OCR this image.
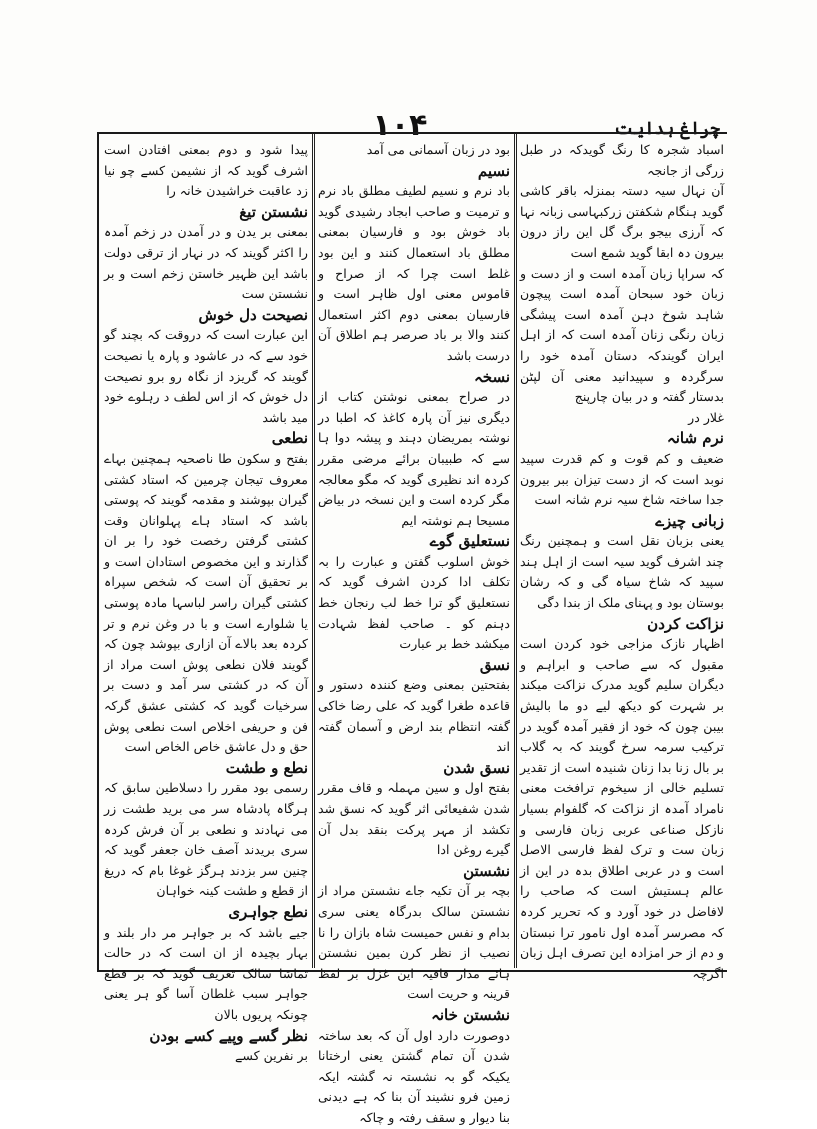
۱۰۴	چراغ ہدایت

اسباد شجرہ کا رنگ گویدکہ در طبل زرگی از جانجہ

آن نہال سیہ دستہ بمنزلہ باقر کاشی گوید ہنگام شکفتن زرکبہاسی زبانہ نہا کہ آرزی بیجو برگ گل این راز درون بیرون دہ ابقا گوید شمع است

کہ سراپا زبان آمدہ است و از دست و زبان خود سبحان آمدہ است پیچون شاہد شوخ دہن آمدہ است پیشگی زبان رنگی زنان آمدہ است کہ از اہل ایران گویندکہ دستان آمدہ خود را سرگردہ و سپیدانید معنی آن لپٹن بدستار گفتہ و در بیان چارپنج

غلار در

نرم شانہ

ضعیف و کم قوت و کم قدرت سپید نوبد است کہ از دست تیزان ببر بیرون جدا ساختہ شاخ سیہ نرم شانہ است

زبانی چیزے

یعنی بزبان نقل است و ہمچنین رنگ چند اشرف گوید سیہ است از اہل ہند سپید کہ شاخ سیاہ گی و کہ رشان بوستان بود و پہنای ملک از بندا دگی

نزاکت کردن

اظہار نازک مزاجی خود کردن است مقبول کہ سے صاحب و ابراہم و دیگران سلیم گوید مدرک نزاکت میکند بر شہرت کو دیکھ لیے دو ما بالیش بیبن چون کہ خود از فقیر آمدہ گوید در ترکیب سرمہ سرخ گویند کہ بہ گلاب بر بال زنا بدا زنان شنیدہ است از تقدیر تسلیم خالی از سیخوم ترافخت معنی نامراد آمدہ از نزاکت کہ گلفوام بسیار نازکل صناعی عربی زبان فارسی و زبان ست و ترک لفظ فارسی الاصل است و در عربی اطلاق بدہ در این از عالم ہستیش است کہ صاحب را لافاضل در خود آورد و کہ تحریر کردہ کہ مصرسر آمدہ اول نامور ترا نبستان و دم از حر امزادہ این تصرف اہل زبان اگرچہ

بود در زبان آسمانی می آمد

نسیم

باد نرم و نسیم لطیف مطلق باد نرم و ترمیت و صاحب ابجاد رشیدی گوید باد خوش بود و فارسیان بمعنی مطلق باد استعمال کنند و این بود غلط است چرا کہ از صراح و قاموس معنی اول ظاہر است و فارسیان بمعنی دوم اکثر استعمال کنند والا بر باد صرصر ہم اطلاق آن درست باشد

نسخہ

در صراح بمعنی نوشتن کتاب از دیگری نیز آن پارہ کاغذ کہ اطبا در نوشتہ بمریضان دہند و پیشہ دوا ہا سے کہ طبیبان برائے مرضی مقرر کردہ اند نظیری گوید کہ مگو معالجہ مگر کردہ است و این نسخہ در بیاض مسیحا ہم نوشتہ ایم

نستعلیق گوے

خوش اسلوب گفتن و عبارت را بہ تکلف ادا کردن اشرف گوید کہ نستعلیق گو ترا خط لب رنجان خط دہنم کو ۔ صاحب لفظ شہادت میکشد خط بر عبارت

نسق

بفتحتین بمعنی وضع کنندہ دستور و قاعدہ طغرا گوید کہ علی رضا خاکی گفتہ انتظام بند ارض و آسمان گفتہ اند

نسق شدن

بفتح اول و سین مہملہ و قاف مقرر شدن شفیعائی اثر گوید کہ نسق شد تکشد از مہر پرکت بنقد بدل آن گیرے روغن ادا

نشستن

بچہ بر آن تکیہ جاے نشستن مراد از نشستن سالک بدرگاہ یعنی سری بدام و نفس حمیست شاہ بازان را نا نصیب از نظر کرن بمین نشستن ہائے مدار قافیہ این غزل بر لفظ قرینہ و حریت است

نشستن خانہ

دوصورت دارد اول آن کہ بعد ساختہ شدن آن تمام گشتن یعنی ارختانا یکیکہ گو بہ نشستہ نہ گشتہ ایکہ زمین فرو نشیند آن بنا کہ ہے دیدنی بنا دیوار و سقف رفتہ و چاکہ

پیدا شود و دوم بمعنی افتادن است اشرف گوید کہ از نشیمن کسے چو نیا زد عاقبت خراشیدن خانہ را

نشستن تیغ

بمعنی بر یدن و در آمدن در زخم آمدہ را اکثر گویند کہ در نہار از ترقی دولت باشد این ظہیر خاستن زخم است و بر نشستن ست

نصیحت دل خوش

این عبارت است کہ دروقت کہ بچند گو خود سے کہ در عاشود و پارہ یا نصیحت گویند کہ گریزد از نگاہ رو برو نصیحت دل خوش کہ از اس لطف د رہلوے خود مید باشد

نطعی

بفتح و سکون طا ناصحیہ ہمچنین بہاے معروف تیجان چرمین کہ استاد کشتی گیران بپوشند و مقدمہ گویند کہ پوستی باشد کہ استاد ہاے پہلوانان وقت کشتی گرفتن رخصت خود را بر ان گذارند و این مخصوص استادان است و بر تحقیق آن است کہ شخص سپراہ کشتی گیران راسر لباسہا مادہ پوستی یا شلوارے است و با در وغن نرم و تر کردہ بعد بالاے آن ازاری بپوشد چون کہ گویند فلان نطعی پوش است مراد از آن کہ در کشتی سر آمد و دست بر سرخیات گوید کہ کشتی عشق گرکہ فن و حریفی اخلاص است نطعی پوش حق و دل عاشق خاص الخاص است

نطع و طشت

رسمی بود مقرر را دسلاطین سابق کہ ہرگاہ پادشاہ سر می برید طشت زر می نہادند و نطعی بر آن فرش کردہ سری بریدند آصف خان جعفر گوید کہ چنین سر بزدند ہرگز غوغا بام کہ دریغ از قطع و طشت کینہ خواہان

نطع جواہری

جیے باشد کہ بر جواہر مر دار بلند و بہار بچیدہ از ان است کہ در حالت تماشا سالک تعریف گوید کہ بر قطع جواہر سبب غلطان آسا گو ہر یعنی چونکہ پریوں بالان

نظر گسے وپیے کسے بودن

بر نفرین کسے
